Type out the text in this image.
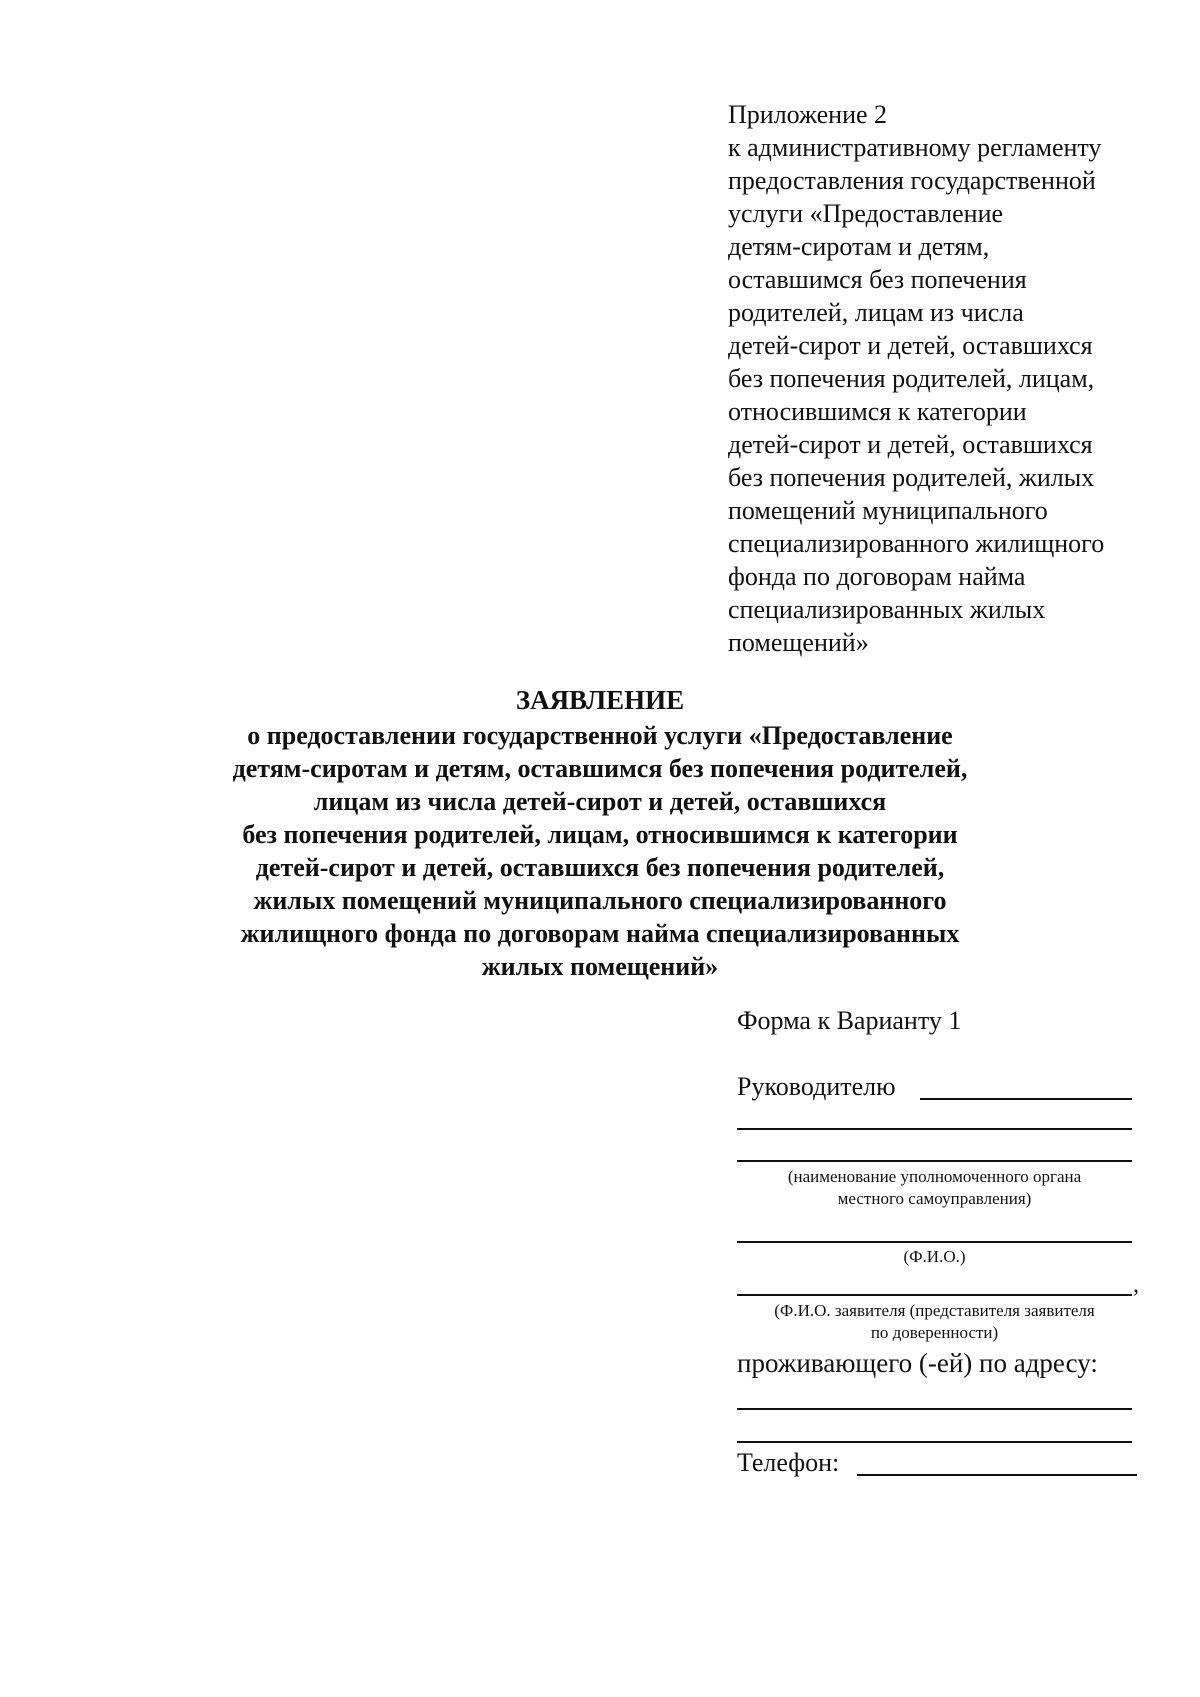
Приложение 2
к административному регламенту
предоставления государственной
услуги «Предоставление
детям-сиротам и детям,
оставшимся без попечения
родителей, лицам из числа
детей-сирот и детей, оставшихся
без попечения родителей, лицам,
относившимся к категории
детей-сирот и детей, оставшихся
без попечения родителей, жилых
помещений муниципального
специализированного жилищного
фонда по договорам найма
специализированных жилых
помещений»
ЗАЯВЛЕНИЕ
о предоставлении государственной услуги «Предоставление
детям-сиротам и детям, оставшимся без попечения родителей,
лицам из числа детей-сирот и детей, оставшихся
без попечения родителей, лицам, относившимся к категории
детей-сирот и детей, оставшихся без попечения родителей,
жилых помещений муниципального специализированного
жилищного фонда по договорам найма специализированных
жилых помещений»
Форма к Варианту 1
Руководителю
(наименование уполномоченного органа
местного самоуправления)
(Ф.И.О.)
,
(Ф.И.О. заявителя (представителя заявителя
по доверенности)
проживающего (-ей) по адресу:
Телефон:
